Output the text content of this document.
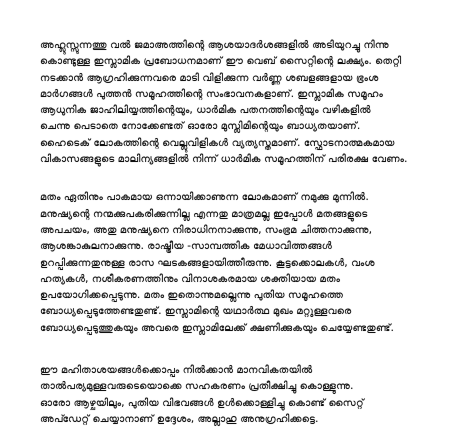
അഹ്ലുസ്സുന്നത്തു വൽ ജമാഅത്തിന്റെ ആശയാദർശങ്ങളിൽ അടിയുറച്ചു നിന്നു
കൊണ്ടുള്ള ഇസ്ലാമിക പ്രബോധനമാണ് ഈ വെബ് സൈറ്റിന്റെ ലക്ഷ്യം. തെറ്റി
നടക്കാൻ ആഗ്രഹിക്കുന്നവരെ മാടി വിളിക്കുന്ന വർണ്ണ ശബളങ്ങളായ ഭ്രംശ
മാർഗങ്ങൾ പുത്തൻ സമൂഹത്തിന്റെ സംഭാവനകളാണ്. ഇസ്ലാമിക സമൂഹം
ആധുനിക ജാഹിലിയ്യത്തിന്റെയും, ധാർമിക പതനത്തിന്റെയും വഴികളിൽ
ചെന്നു പെടാതെ നോക്കേണ്ടത് ഓരോ മുസ്ലിമിന്റെയും ബാധ്യതയാണ്.
ഹൈടെക് ലോകത്തിന്റെ വെല്ലുവിളികൾ വ്യത്യസ്തമാണ്. സ്ഫോടനാത്മകമായ
വികാസങ്ങളുടെ മാലിന്യങ്ങളിൽ നിന്ന് ധാർമിക സമൂഹത്തിന് പരിരക്ഷ വേണം.

മതം ഏതിനും പാകമായ ഒന്നായിക്കാണുന്ന ലോകമാണ് നമുക്കു മുന്നിൽ.
മനുഷ്യന്റെ നന്മക്കുപകരിക്കുന്നില്ല എന്നതു മാത്രമല്ല ഇപ്പോൾ മതങ്ങളുടെ
അപചയം, അതു മനുഷ്യനെ നിരാധിനനാക്കുന്നു, സംഭ്രമ ചിത്തനാക്കുന്നു,
ആശങ്കാകുലനാക്കുന്നു. രാഷ്ട്രീയ -സാമ്പത്തിക മേധാവിത്തങ്ങൾ
ഉറപ്പിക്കുന്നതുനുള്ള രാസ ഘടകങ്ങളായിത്തീരുന്നു. കൂട്ടക്കൊലകൾ, വംശ
ഹത്യകൾ, നശീകരണത്തിനും വിനാശകരമായ ശക്തിയായ മതം
ഉപയോഗിക്കപ്പെടുന്നു. മതം ഇതൊന്നുമല്ലെന്നു പുതിയ സമൂഹത്തെ
ബോധ്യപ്പെടുത്തേണ്ടതുണ്ട്. ഇസ്ലാമിന്റെ യഥാർത്ഥ മുഖം മറ്റുള്ളവരെ
ബോധ്യപ്പെടുത്തുകയും അവരെ ഇസ്ലാമിലേക്ക് ക്ഷണിക്കുകയും ചെയ്യേണ്ടതുണ്ട്.

ഈ മഹിതാശയങ്ങൾക്കൊപ്പം നിൽക്കാൻ മാനവികതയിൽ
താൽപര്യമുള്ളവരുടെയൊക്കെ സഹകരണം പ്രതീക്ഷിച്ചു കൊള്ളുന്നു.
ഓരോ ആഴ്ചയിലും, പുതിയ വിഭവങ്ങൾ ഉൾക്കൊള്ളിച്ചു കൊണ്ട് സൈറ്റ്
അപ്ഡേറ്റ് ചെയ്യാനാണ് ഉദ്ദേശം, അല്ലാഹു അനുഗ്രഹിക്കട്ടെ.
